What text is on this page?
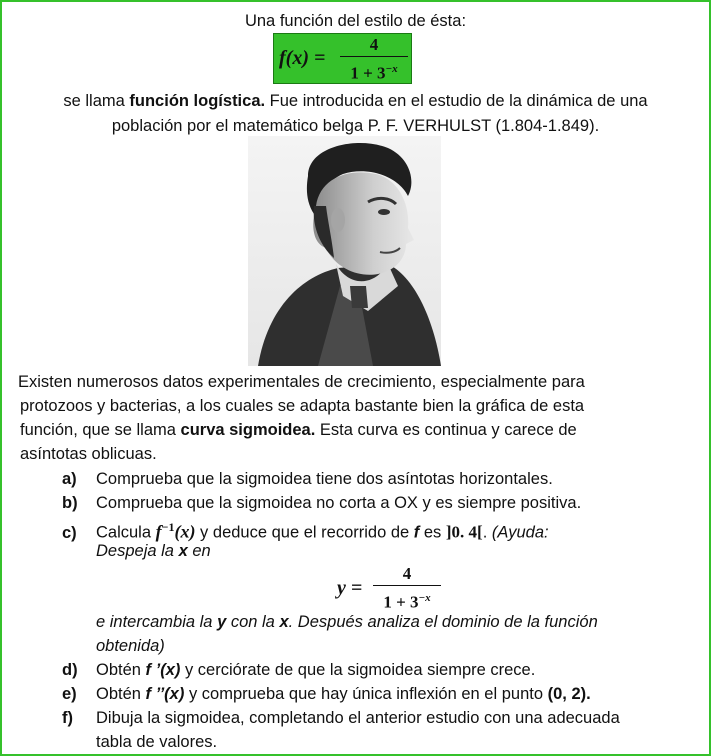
Una función del estilo de ésta:
f(x) =
4
$1 + 3^{-x}$
se llama función logística. Fue introducida en el estudio de la dinámica de una
población por el matemático belga P. F. VERHULST (1.804-1.849).
Existen numerosos datos experimentales de crecimiento, especialmente para
protozoos y bacterias, a los cuales se adapta bastante bien la gráfica de esta
función, que se llama curva sigmoidea. Esta curva es continua y carece de
asíntotas oblicuas.
a) Comprueba que la sigmoidea tiene dos asíntotas horizontales.
b) Comprueba que la sigmoidea no corta a OX y es siempre positiva.
c) Calcula $f^{-1}(x)$ y deduce que el recorrido de f es ]0. 4[. (Ayuda:
Despeja la x en
y =
4
$1 + 3^{-x}$
e intercambia la y con la x. Después analiza el dominio de la función
obtenida)
d) Obtén f ’(x) y cerciórate de que la sigmoidea siempre crece.
e) Obtén f ’’(x) y comprueba que hay única inflexión en el punto (0, 2).
f) Dibuja la sigmoidea, completando el anterior estudio con una adecuada
tabla de valores.
